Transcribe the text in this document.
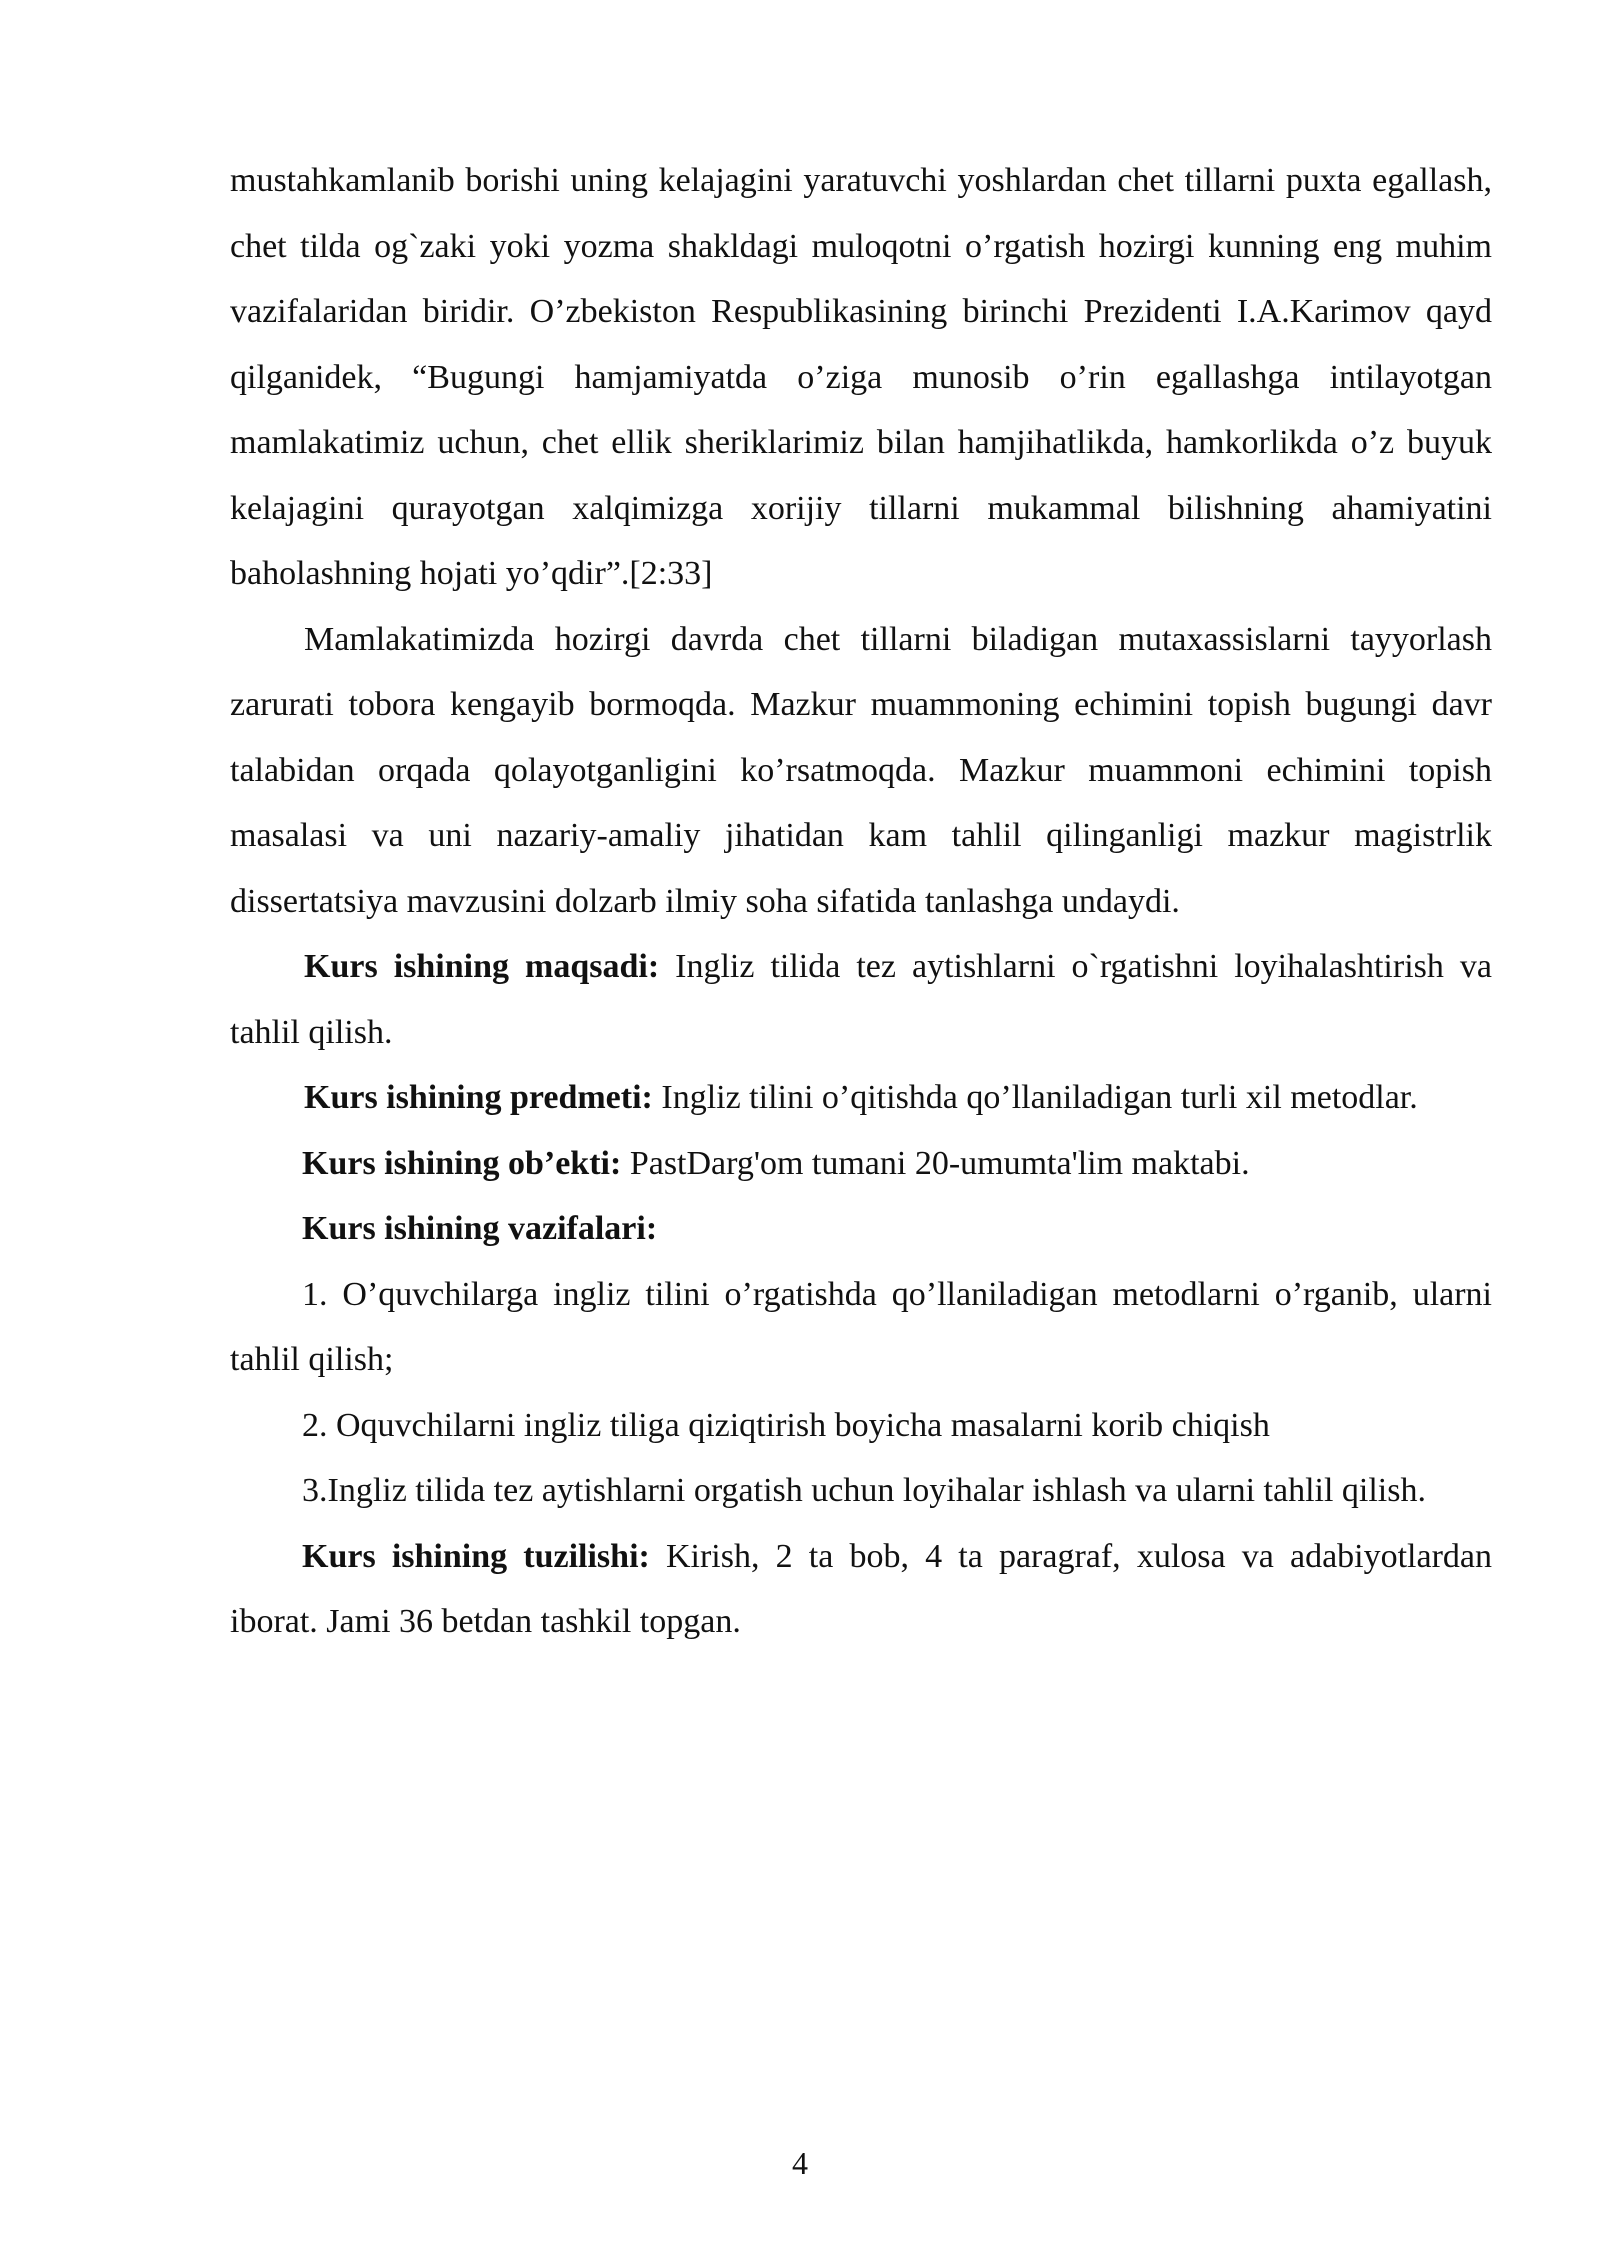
mustahkamlanib borishi uning kelajagini yaratuvchi yoshlardan chet tillarni puxta egallash, chet tilda og`zaki yoki yozma shakldagi muloqotni o’rgatish hozirgi kunning eng muhim vazifalaridan biridir. O’zbekiston Respublikasining birinchi Prezidenti I.A.Karimov qayd qilganidek, “Bugungi hamjamiyatda o’ziga munosib o’rin egallashga intilayotgan mamlakatimiz uchun, chet ellik sheriklarimiz bilan hamjihatlikda, hamkorlikda o’z buyuk kelajagini qurayotgan xalqimizga xorijiy tillarni mukammal bilishning ahamiyatini baholashning hojati yo’qdir”.[2:33]

Mamlakatimizda hozirgi davrda chet tillarni biladigan mutaxassislarni tayyorlash zarurati tobora kengayib bormoqda. Mazkur muammoning echimini topish bugungi davr talabidan orqada qolayotganligini ko’rsatmoqda. Mazkur muammoni echimini topish masalasi va uni nazariy-amaliy jihatidan kam tahlil qilinganligi mazkur magistrlik dissertatsiya mavzusini dolzarb ilmiy soha sifatida tanlashga undaydi.

Kurs ishining maqsadi: Ingliz tilida tez aytishlarni o`rgatishni loyihalashtirish va tahlil qilish.

Kurs ishining predmeti: Ingliz tilini o’qitishda qo’llaniladigan turli xil metodlar.

Kurs ishining ob’ekti: PastDarg'om tumani 20-umumta'lim maktabi.

Kurs ishining vazifalari:

1. O’quvchilarga ingliz tilini o’rgatishda qo’llaniladigan metodlarni o’rganib, ularni tahlil qilish;

2. Oquvchilarni ingliz tiliga qiziqtirish boyicha masalarni korib chiqish

3.Ingliz tilida tez aytishlarni orgatish uchun loyihalar ishlash va ularni tahlil qilish.

Kurs ishining tuzilishi: Kirish, 2 ta bob, 4 ta paragraf, xulosa va adabiyotlardan iborat. Jami 36 betdan tashkil topgan.

4
